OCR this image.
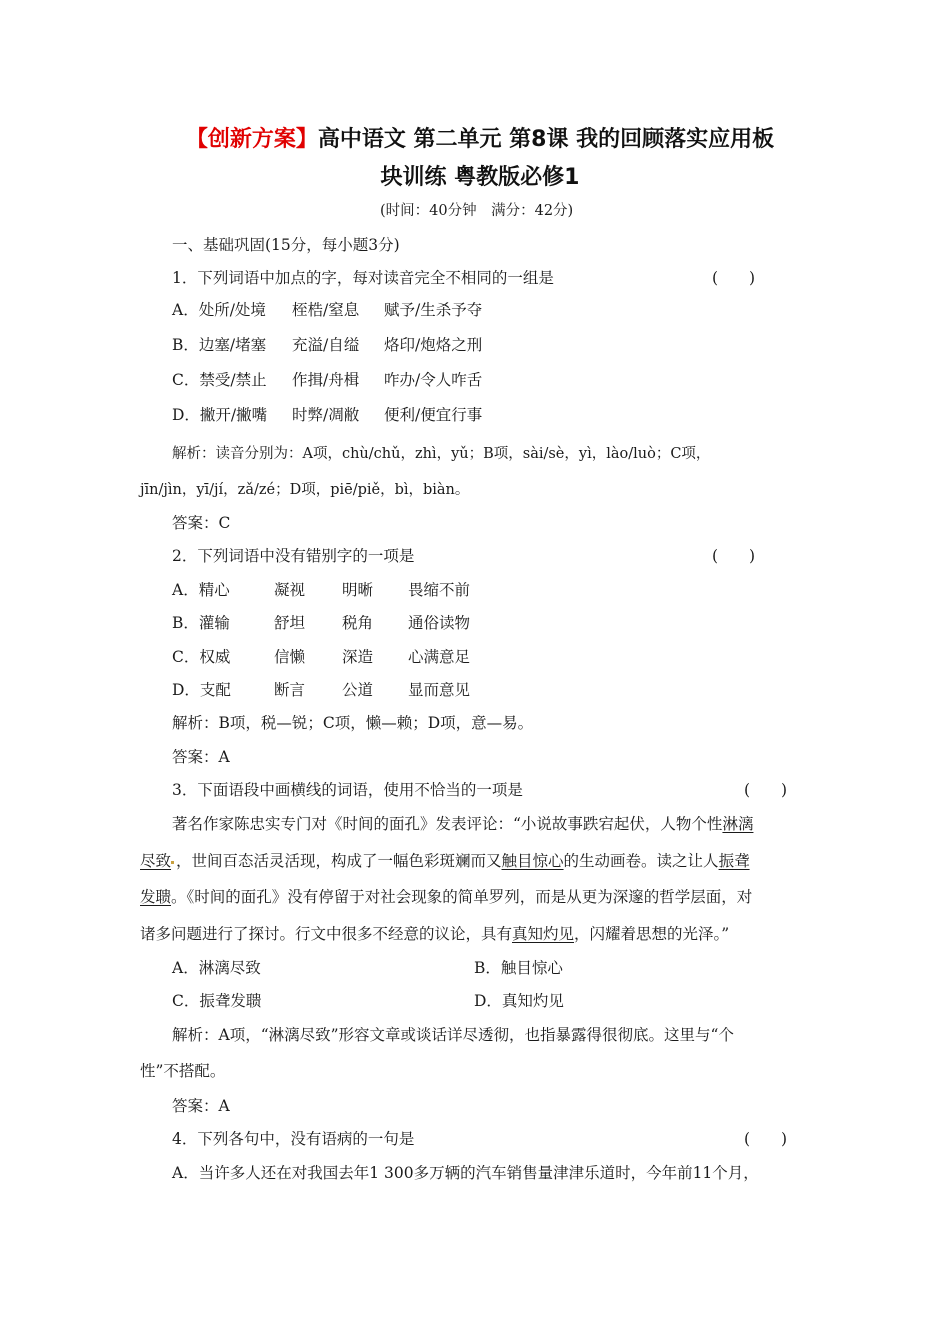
【创新方案】高中语文 第二单元 第8课 我的回顾落实应用板
块训练 粤教版必修1
(时间：40分钟　满分：42分)
一、基础巩固(15分，每小题3分)
1．下列词语中加点的字，每对读音完全不相同的一组是	(　　)
A．处所/处境 桎梏/窒息 赋予/生杀予夺
B．边塞/堵塞 充溢/自缢 烙印/炮烙之刑
C．禁受/禁止 作揖/舟楫 咋办/令人咋舌
D．撇开/撇嘴 时弊/凋敝 便利/便宜行事
解析：读音分别为：A项，chù/chǔ，zhì，yǔ；B项，sài/sè，yì，lào/luò；C项，
jīn/jìn，yī/jí，zǎ/zé；D项，piē/piě，bì，biàn。
答案：C
2．下列词语中没有错别字的一项是	(　　)
A．精心	凝视 明晰 畏缩不前
B．灌输	舒坦 税角 通俗读物
C．权威	信懒 深造 心满意足
D．支配	断言 公道 显而意见
解析：B项，税—锐；C项，懒—赖；D项，意—易。
答案：A
3．下面语段中画横线的词语，使用不恰当的一项是	(　　)
著名作家陈忠实专门对《时间的面孔》发表评论：“小说故事跌宕起伏，人物个性淋漓
尽致 ，世间百态活灵活现，构成了一幅色彩斑斓而又触目惊心的生动画卷。读之让人振聋
发聩。《时间的面孔》没有停留于对社会现象的简单罗列，而是从更为深邃的哲学层面，对
诸多问题进行了探讨。行文中很多不经意的议论，具有真知灼见，闪耀着思想的光泽。”
A．淋漓尽致	B．触目惊心
C．振聋发聩	D．真知灼见
解析：A项，“淋漓尽致”形容文章或谈话详尽透彻，也指暴露得很彻底。这里与“个
性”不搭配。
答案：A
4．下列各句中，没有语病的一句是	(　　)
A．当许多人还在对我国去年1 300多万辆的汽车销售量津津乐道时，今年前11个月，
